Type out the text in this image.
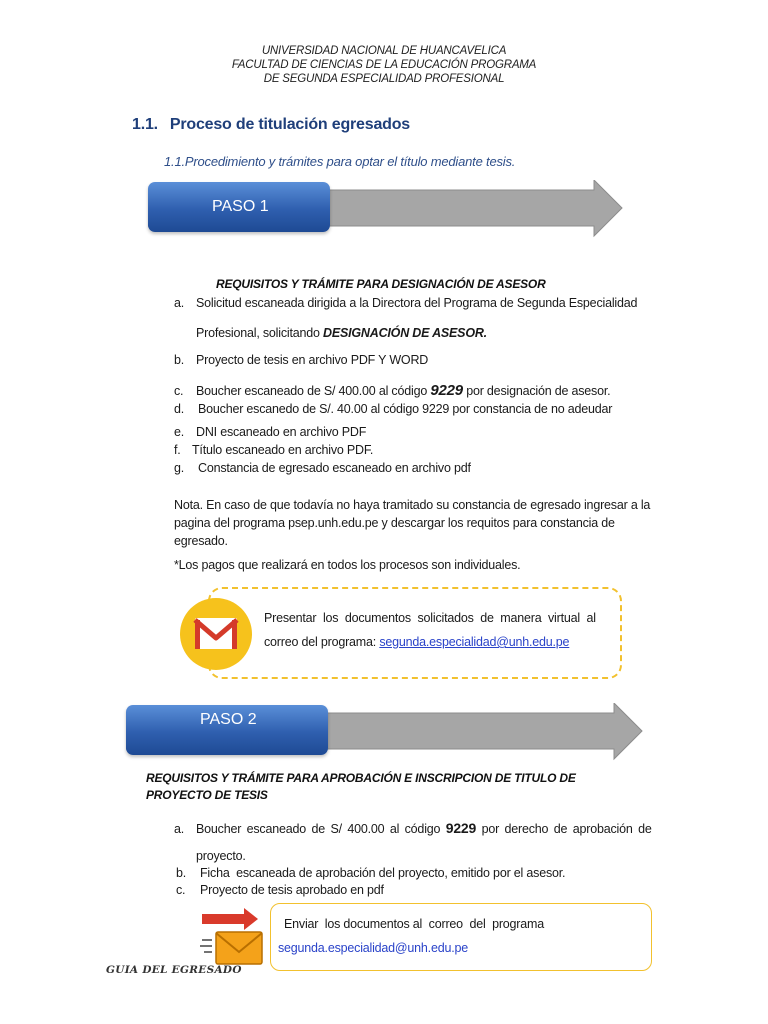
UNIVERSIDAD NACIONAL DE HUANCAVELICA
FACULTAD DE CIENCIAS DE LA EDUCACIÓN PROGRAMA
DE SEGUNDA ESPECIALIDAD PROFESIONAL
1.1. Proceso de titulación egresados
1.1.Procedimiento y trámites para optar el título mediante tesis.
PASO 1
REQUISITOS Y TRÁMITE PARA DESIGNACIÓN DE ASESOR
a. Solicitud escaneada dirigida a la Directora del Programa de Segunda Especialidad
Profesional, solicitando DESIGNACIÓN DE ASESOR.
b. Proyecto de tesis en archivo PDF Y WORD
c. Boucher escaneado de S/ 400.00 al código 9229 por designación de asesor.
d. Boucher escanedo de S/. 40.00 al código 9229 por constancia de no adeudar
e. DNI escaneado en archivo PDF
f. Título escaneado en archivo PDF.
g. Constancia de egresado escaneado en archivo pdf
Nota. En caso de que todavía no haya tramitado su constancia de egresado ingresar a la
pagina del programa psep.unh.edu.pe y descargar los requitos para constancia de
egresado.
*Los pagos que realizará en todos los procesos son individuales.
Presentar  los  documentos  solicitados  de  manera  virtual  al
correo del programa: segunda.especialidad@unh.edu.pe
PASO 2
REQUISITOS Y TRÁMITE PARA APROBACIÓN E INSCRIPCION DE TITULO DE
PROYECTO DE TESIS
a. Boucher escaneado de S/ 400.00 al código 9229 por derecho de aprobación de
proyecto.
b. Ficha  escaneada de aprobación del proyecto, emitido por el asesor.
c. Proyecto de tesis aprobado en pdf
Enviar  los documentos al  correo  del  programa
segunda.especialidad@unh.edu.pe
GUIA DEL EGRESADO
